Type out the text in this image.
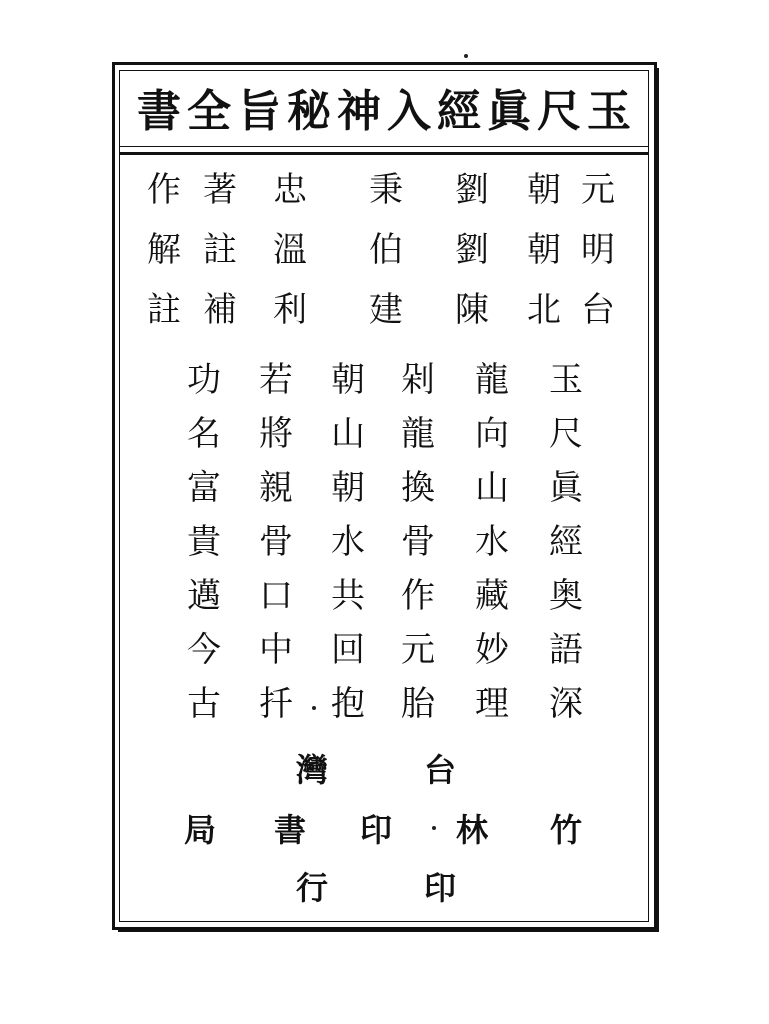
玉
尺
眞
經
入
神
秘
旨
全
書
元
朝
劉
秉
忠
著
作
明
朝
劉
伯
溫
註
解
台
北
陳
建
利
補
註
玉
尺
眞
經
奥
語
深
龍
向
山
水
藏
妙
理
剁
龍
換
骨
作
元
胎
朝
山
朝
水
共
回
抱
若
將
親
骨
口
中
扦
功
名
富
貴
邁
今
古
台
灣
竹
林
印
書
局
印
行
